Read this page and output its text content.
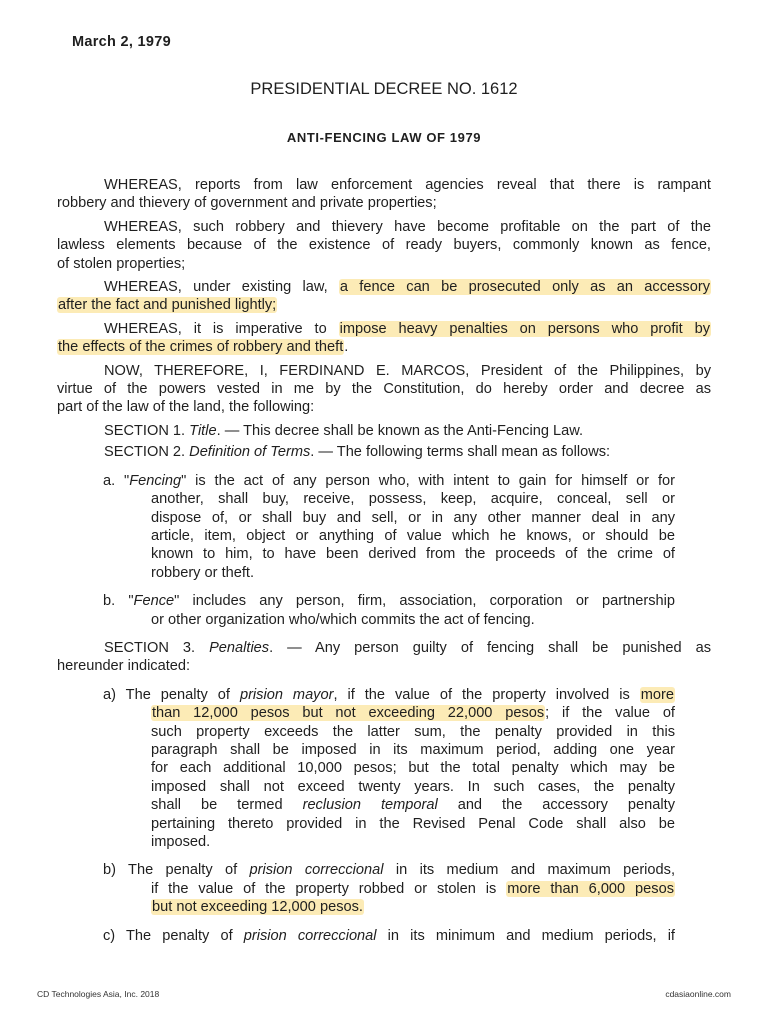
March 2, 1979
PRESIDENTIAL DECREE NO. 1612
ANTI-FENCING LAW OF 1979
WHEREAS, reports from law enforcement agencies reveal that there is rampant
robbery and thievery of government and private properties;
WHEREAS, such robbery and thievery have become profitable on the part of the
lawless elements because of the existence of ready buyers, commonly known as fence,
of stolen properties;
WHEREAS, under existing law, a fence can be prosecuted only as an accessory
after the fact and punished lightly;
WHEREAS, it is imperative to impose heavy penalties on persons who profit by
the effects of the crimes of robbery and theft.
NOW, THEREFORE, I, FERDINAND E. MARCOS, President of the Philippines, by
virtue of the powers vested in me by the Constitution, do hereby order and decree as
part of the law of the land, the following:
SECTION 1. Title. — This decree shall be known as the Anti-Fencing Law.
SECTION 2. Definition of Terms. — The following terms shall mean as follows:
a. "Fencing" is the act of any person who, with intent to gain for himself or for
another, shall buy, receive, possess, keep, acquire, conceal, sell or
dispose of, or shall buy and sell, or in any other manner deal in any
article, item, object or anything of value which he knows, or should be
known to him, to have been derived from the proceeds of the crime of
robbery or theft.
b. "Fence" includes any person, firm, association, corporation or partnership
or other organization who/which commits the act of fencing.
SECTION 3. Penalties. — Any person guilty of fencing shall be punished as
hereunder indicated:
a) The penalty of prision mayor, if the value of the property involved is more
than 12,000 pesos but not exceeding 22,000 pesos; if the value of
such property exceeds the latter sum, the penalty provided in this
paragraph shall be imposed in its maximum period, adding one year
for each additional 10,000 pesos; but the total penalty which may be
imposed shall not exceed twenty years. In such cases, the penalty
shall be termed reclusion temporal and the accessory penalty
pertaining thereto provided in the Revised Penal Code shall also be
imposed.
b) The penalty of prision correccional in its medium and maximum periods,
if the value of the property robbed or stolen is more than 6,000 pesos
but not exceeding 12,000 pesos.
c) The penalty of prision correccional in its minimum and medium periods, if
CD Technologies Asia, Inc. 2018	cdasiaonline.com
